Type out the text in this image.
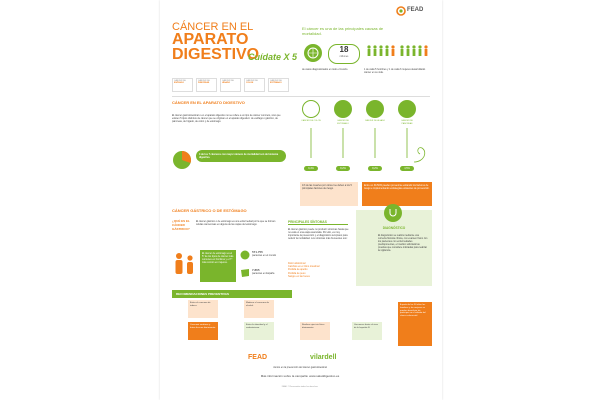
FEAD
CÁNCER EN EL
APARATO
DIGESTIVO
Cuídate X 5
CÁNCER DE
ESÓFAGO
CÁNCER DE
PÁNCREAS
CÁNCER DE
HÍGADO
CÁNCER DE
COLON
CÁNCER DE
ESTÓMAGO
El cáncer es una de las principales causas de mortalidad.
18
millones
de casos diagnosticados en todo el mundo.	1 de cada 5 hombres y 1 de cada 6 mujeres desarrollarán cáncer en su vida.
CÁNCER EN EL APARATO DIGESTIVO
El cáncer gastrointestinal o en el aparato digestivo no se refiere a un tipo de cáncer concreto, sino que existen 5 tipos distintos de cáncer que se originan en el aparato digestivo: de esófago o gástrico, de páncreas, de hígado, de colon y de estómago.	CÁNCER DE COLON	CÁNCER DE ESTÓMAGO
CÁNCER DE HÍGADO	CÁNCER DE PÁNCREAS
9,4%	8,2%	8,2%	4,5%
4 de los 7 cánceres con mayor número de mortalidad son del sistema digestivo.
1/3 de las muertes por cáncer se deben a los 5 principales factores de riesgo.
Entre un 30-50% pueden prevenirse evitando los factores de riesgo e implementando estrategias existentes de prevención.
CÁNCER GÁSTRICO O DE ESTÓMAGO
¿QUÉ ES EL CÁNCER GÁSTRICO?
El cáncer gástrico o de estómago es una enfermedad por la que se forman células cancerosas en alguna de las capas del estómago.
El cáncer de estómago es el 5º de los tipos de cáncer más comunes en hombres y el 7º más común en mujeres.
571.755
pacientes en el mundo
7.865
pacientes en España
PRINCIPALES SÍNTOMAS
El cáncer gástrico puede no producir síntomas hasta que no está en una etapa avanzada. Por ello, es muy importante la prevención y el diagnóstico temprano para reducir la mortalidad. Los síntomas más frecuentes son:
Dolor abdominal
Cambios en el ritmo intestinal
Pérdida de apetito
Pérdida de peso
Sangre en las heces
DIAGNÓSTICO
El diagnóstico se realiza mediante una correcta historia clínica, con examen físico. En los pacientes con enfermedades predisponentes, el médico solicitará las pruebas que considere indicadas para realizar la vigilancia.
RECOMENDACIONES PREVENTIVAS
Evitar el consumo de tabaco.
Moderar el consumo de alcohol.
Consumir verduras y frutas frescas diariamente.
Evitar la obesidad y el sedentarismo.
Realizar ejercicio físico diariamente.
Vacunarse frente al virus de la hepatitis B
A partir de los 50 años los hombres y las mujeres se pueden beneficiar de participar en el cribado del cáncer colorrectal.
FEAD	vilardell
Juntos en la prevención del cáncer gastrointestinal
Más información sobre la campaña: www.saluddigestivo.es
FEAD © Reservados todos los derechos.
